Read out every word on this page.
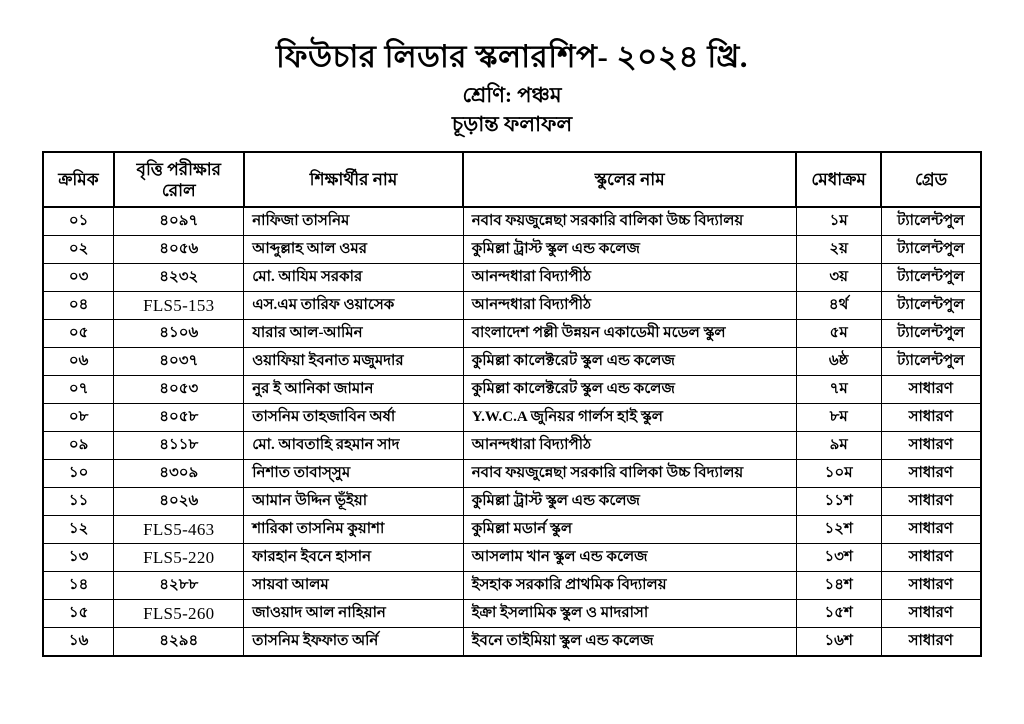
ফিউচার লিডার স্কলারশিপ- ২০২৪ খ্রি.
শ্রেণি: পঞ্চম
চূড়ান্ত ফলাফল
ক্রমিক	বৃত্তি পরীক্ষার রোল	শিক্ষার্থীর নাম	স্কুলের নাম	মেধাক্রম	গ্রেড
০১	৪০৯৭	নাফিজা তাসনিম	নবাব ফয়জুন্নেছা সরকারি বালিকা উচ্চ বিদ্যালয়	১ম	ট্যালেন্টপুল
০২	৪০৫৬	আব্দুল্লাহ আল ওমর	কুমিল্লা ট্রাস্ট স্কুল এন্ড কলেজ	২য়	ট্যালেন্টপুল
০৩	৪২৩২	মো. আযিম সরকার	আনন্দধারা বিদ্যাপীঠ	৩য়	ট্যালেন্টপুল
০৪	FLS5-153	এস.এম তারিফ ওয়াসেক	আনন্দধারা বিদ্যাপীঠ	৪র্থ	ট্যালেন্টপুল
০৫	৪১০৬	যারার আল-আমিন	বাংলাদেশ পল্লী উন্নয়ন একাডেমী মডেল স্কুল	৫ম	ট্যালেন্টপুল
০৬	৪০৩৭	ওয়াফিয়া ইবনাত মজুমদার	কুমিল্লা কালেক্টরেট স্কুল এন্ড কলেজ	৬ষ্ঠ	ট্যালেন্টপুল
০৭	৪০৫৩	নুর ই আনিকা জামান	কুমিল্লা কালেক্টরেট স্কুল এন্ড কলেজ	৭ম	সাধারণ
০৮	৪০৫৮	তাসনিম তাহজাবিন অর্ষা	Y.W.C.A জুনিয়র গার্লস হাই স্কুল	৮ম	সাধারণ
০৯	৪১১৮	মো. আবতাহি রহমান সাদ	আনন্দধারা বিদ্যাপীঠ	৯ম	সাধারণ
১০	৪৩০৯	নিশাত তাবাস্সুম	নবাব ফয়জুন্নেছা সরকারি বালিকা উচ্চ বিদ্যালয়	১০ম	সাধারণ
১১	৪০২৬	আমান উদ্দিন ভূঁইয়া	কুমিল্লা ট্রাস্ট স্কুল এন্ড কলেজ	১১শ	সাধারণ
১২	FLS5-463	শারিকা তাসনিম কুয়াশা	কুমিল্লা মডার্ন স্কুল	১২শ	সাধারণ
১৩	FLS5-220	ফারহান ইবনে হাসান	আসলাম খান স্কুল এন্ড কলেজ	১৩শ	সাধারণ
১৪	৪২৮৮	সায়বা আলম	ইসহাক সরকারি প্রাথমিক বিদ্যালয়	১৪শ	সাধারণ
১৫	FLS5-260	জাওয়াদ আল নাহিয়ান	ইক্রা ইসলামিক স্কুল ও মাদরাসা	১৫শ	সাধারণ
১৬	৪২৯৪	তাসনিম ইফফাত অর্নি	ইবনে তাইমিয়া স্কুল এন্ড কলেজ	১৬শ	সাধারণ
